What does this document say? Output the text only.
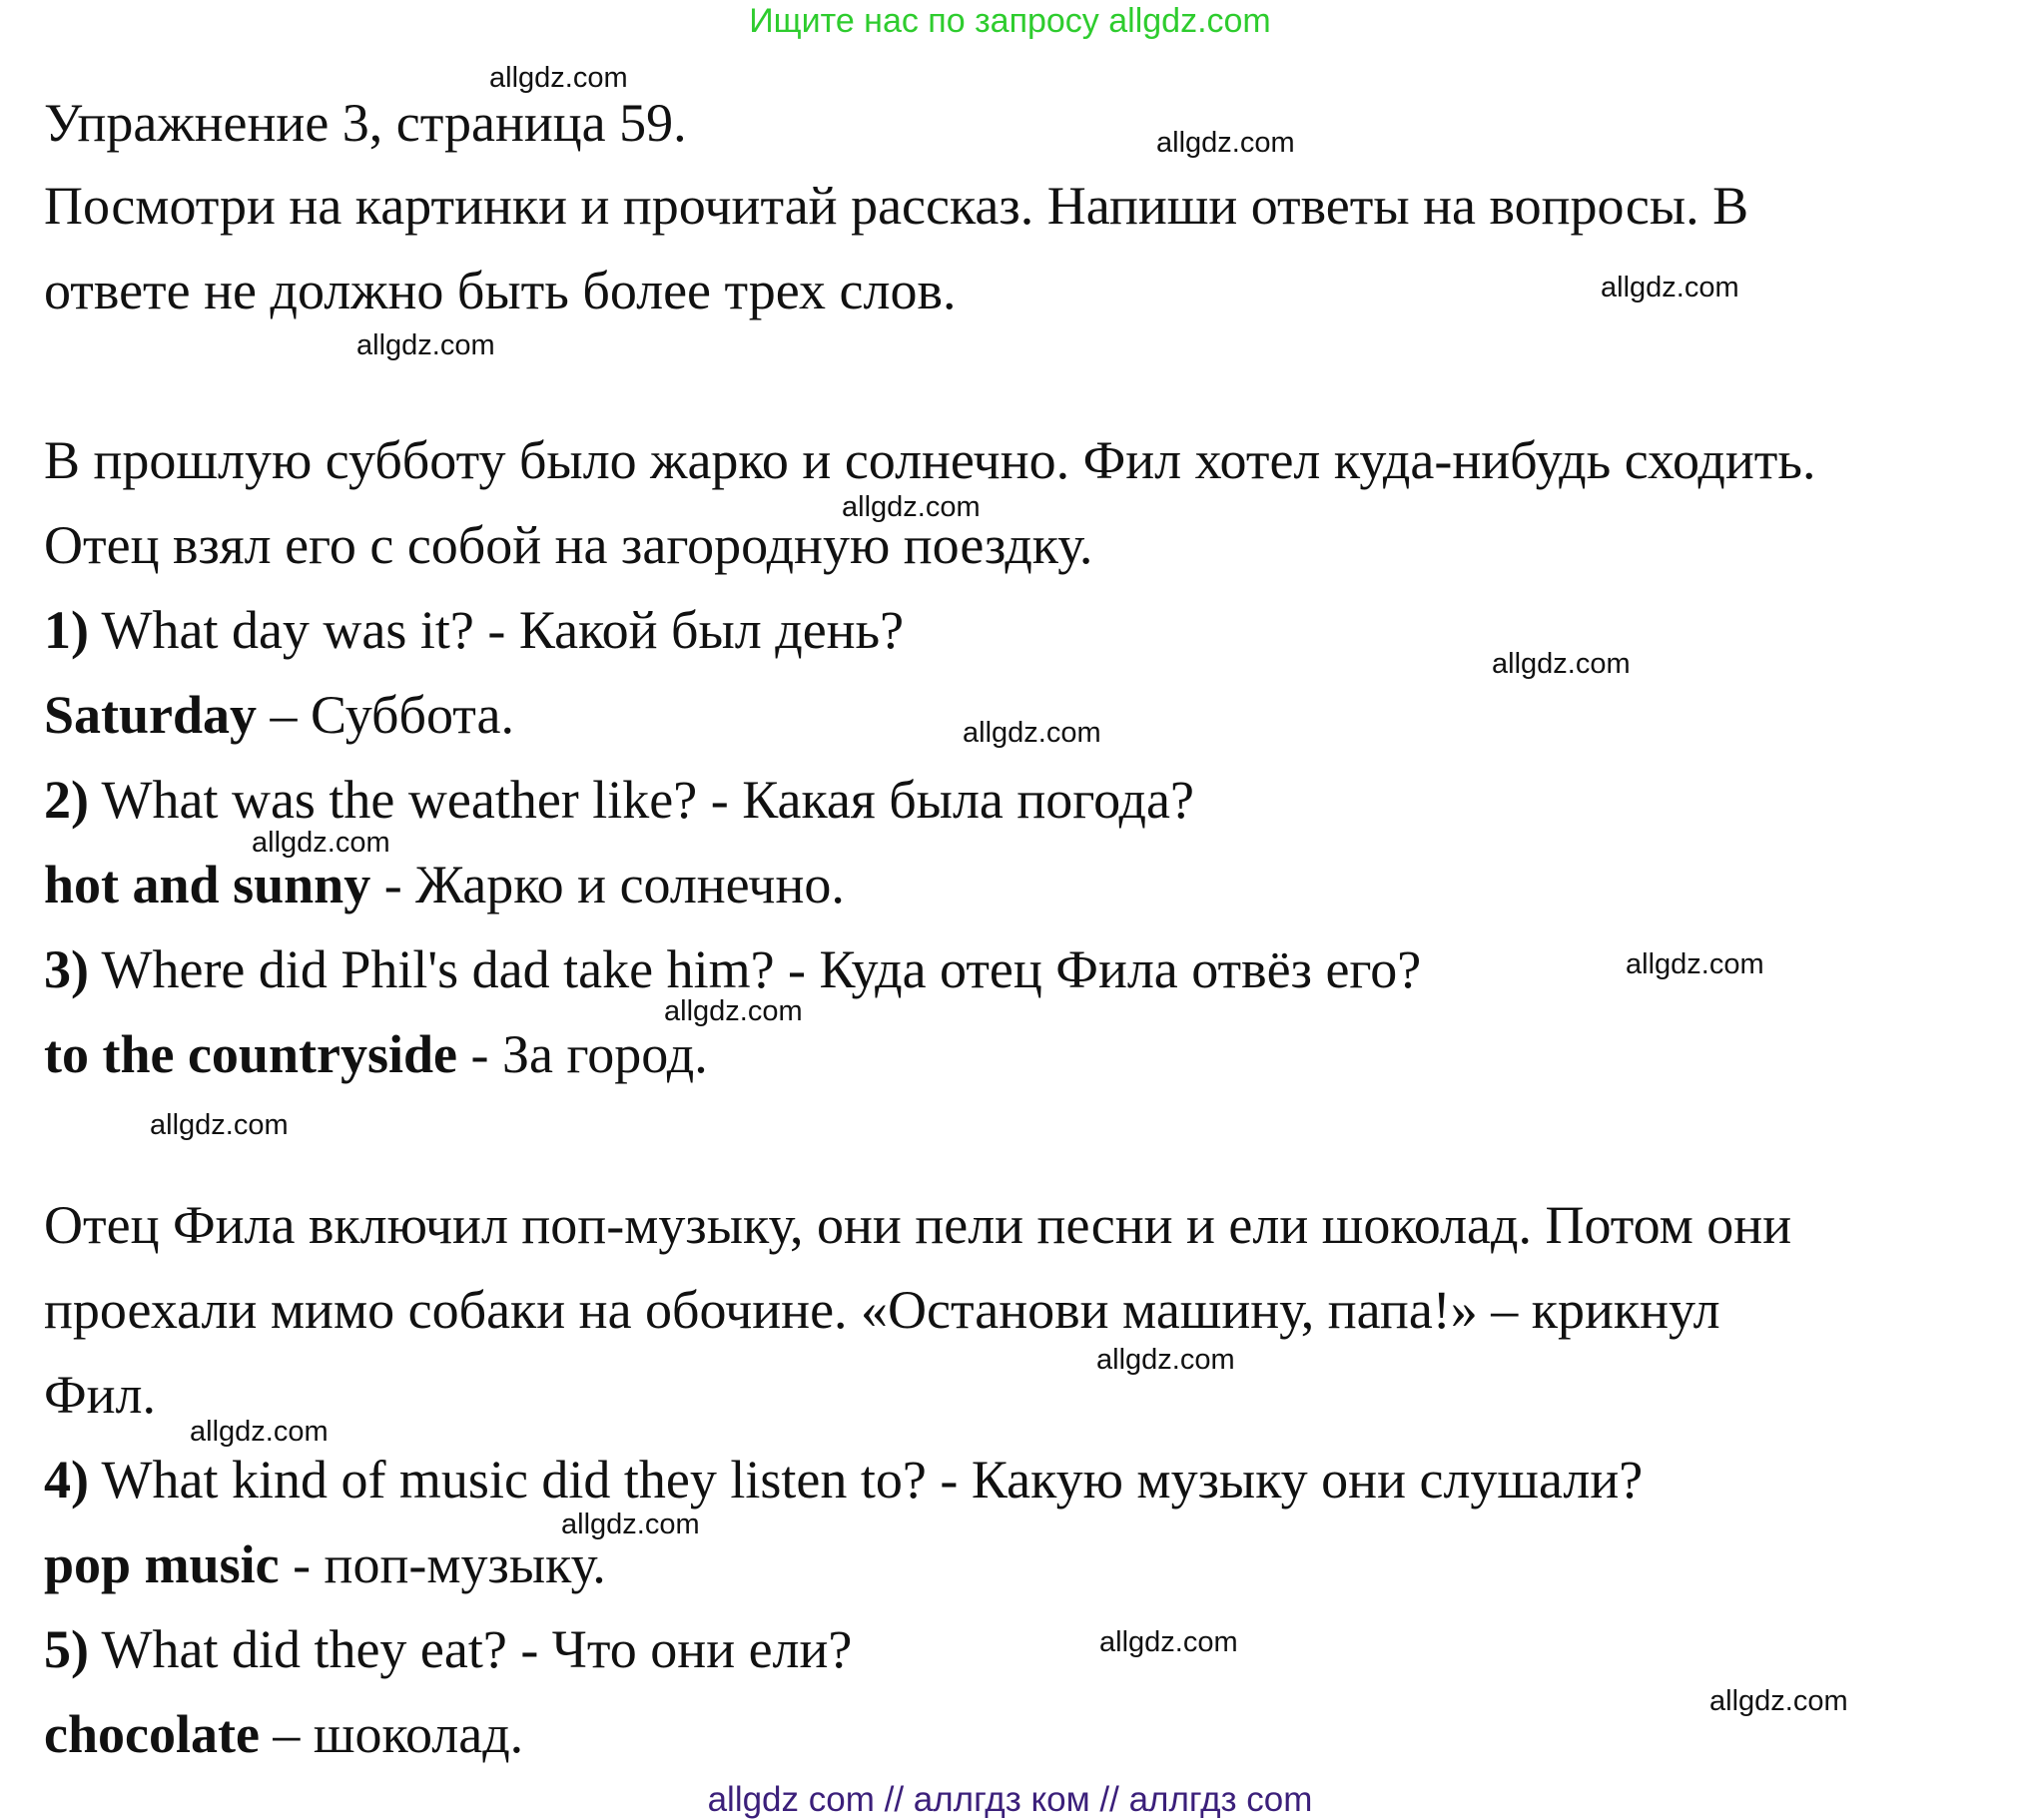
Ищите нас по запросу allgdz.com
Упражнение 3, страница 59.
Посмотри на картинки и прочитай рассказ. Напиши ответы на вопросы. В
ответе не должно быть более трех слов.
В прошлую субботу было жарко и солнечно. Фил хотел куда-нибудь сходить.
Отец взял его с собой на загородную поездку.
1) What day was it? - Какой был день?
Saturday – Суббота.
2) What was the weather like? - Какая была погода?
hot and sunny - Жарко и солнечно.
3) Where did Phil's dad take him? - Куда отец Фила отвёз его?
to the countryside - За город.
Отец Фила включил поп-музыку, они пели песни и ели шоколад. Потом они
проехали мимо собаки на обочине. «Останови машину, папа!» – крикнул
Фил.
4) What kind of music did they listen to? - Какую музыку они слушали?
pop music - поп-музыку.
5) What did they eat? - Что они ели?
chocolate – шоколад.
allgdz.com
allgdz.com
allgdz.com
allgdz.com
allgdz.com
allgdz.com
allgdz.com
allgdz.com
allgdz.com
allgdz.com
allgdz.com
allgdz.com
allgdz.com
allgdz.com
allgdz.com
allgdz.com
allgdz com // аллгдз ком // аллгдз com
